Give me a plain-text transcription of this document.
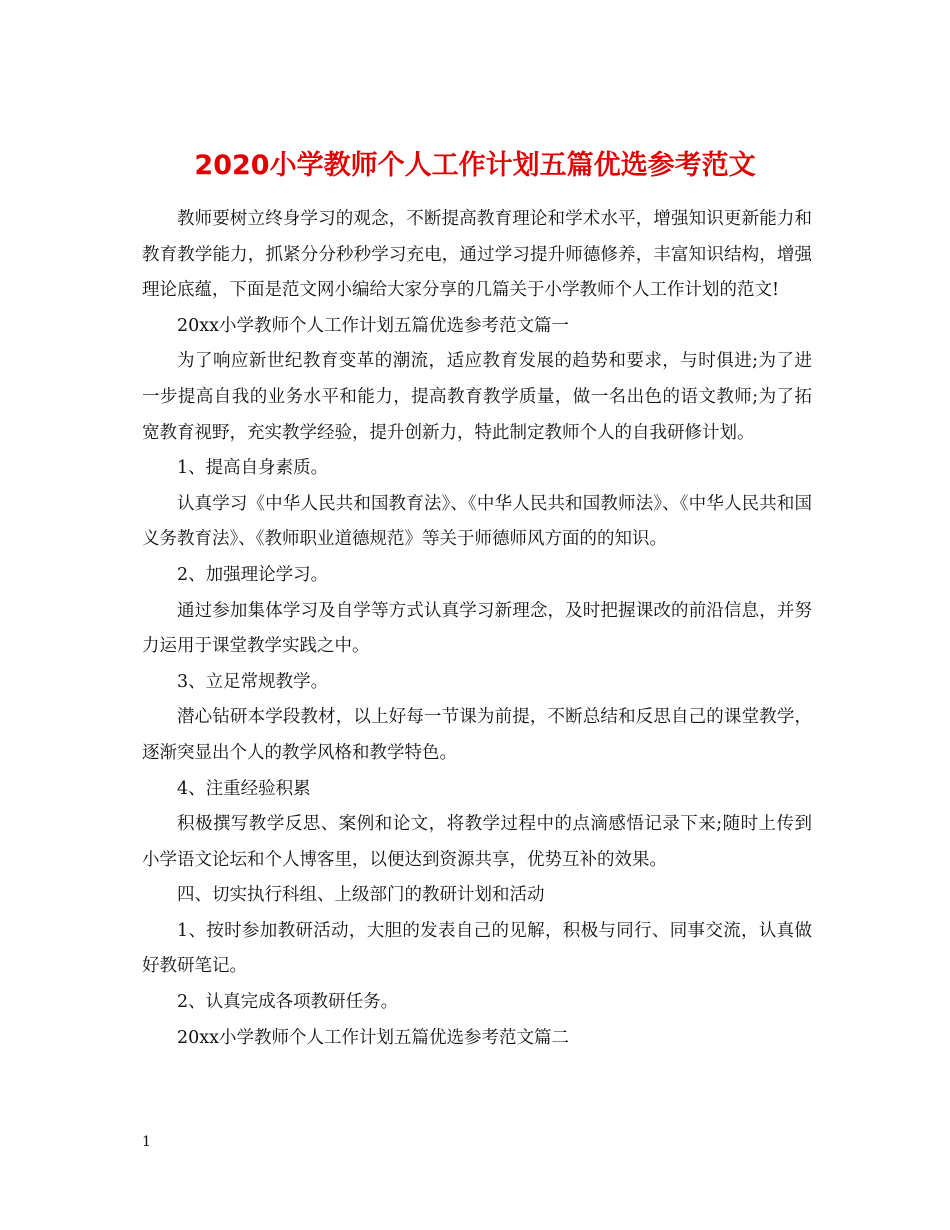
2020小学教师个人工作计划五篇优选参考范文

教师要树立终身学习的观念，不断提高教育理论和学术水平，增强知识更新能力和教育教学能力，抓紧分分秒秒学习充电，通过学习提升师德修养，丰富知识结构，增强理论底蕴，下面是范文网小编给大家分享的几篇关于小学教师个人工作计划的范文!

20xx小学教师个人工作计划五篇优选参考范文篇一

为了响应新世纪教育变革的潮流，适应教育发展的趋势和要求，与时俱进;为了进一步提高自我的业务水平和能力，提高教育教学质量，做一名出色的语文教师;为了拓宽教育视野，充实教学经验，提升创新力，特此制定教师个人的自我研修计划。

1、提高自身素质。

认真学习《中华人民共和国教育法》、《中华人民共和国教师法》、《中华人民共和国义务教育法》、《教师职业道德规范》等关于师德师风方面的的知识。

2、加强理论学习。

通过参加集体学习及自学等方式认真学习新理念，及时把握课改的前沿信息，并努力运用于课堂教学实践之中。

3、立足常规教学。

潜心钻研本学段教材，以上好每一节课为前提，不断总结和反思自己的课堂教学，逐渐突显出个人的教学风格和教学特色。

4、注重经验积累

积极撰写教学反思、案例和论文，将教学过程中的点滴感悟记录下来;随时上传到小学语文论坛和个人博客里，以便达到资源共享，优势互补的效果。

四、切实执行科组、上级部门的教研计划和活动

1、按时参加教研活动，大胆的发表自己的见解，积极与同行、同事交流，认真做好教研笔记。

2、认真完成各项教研任务。

20xx小学教师个人工作计划五篇优选参考范文篇二

1
